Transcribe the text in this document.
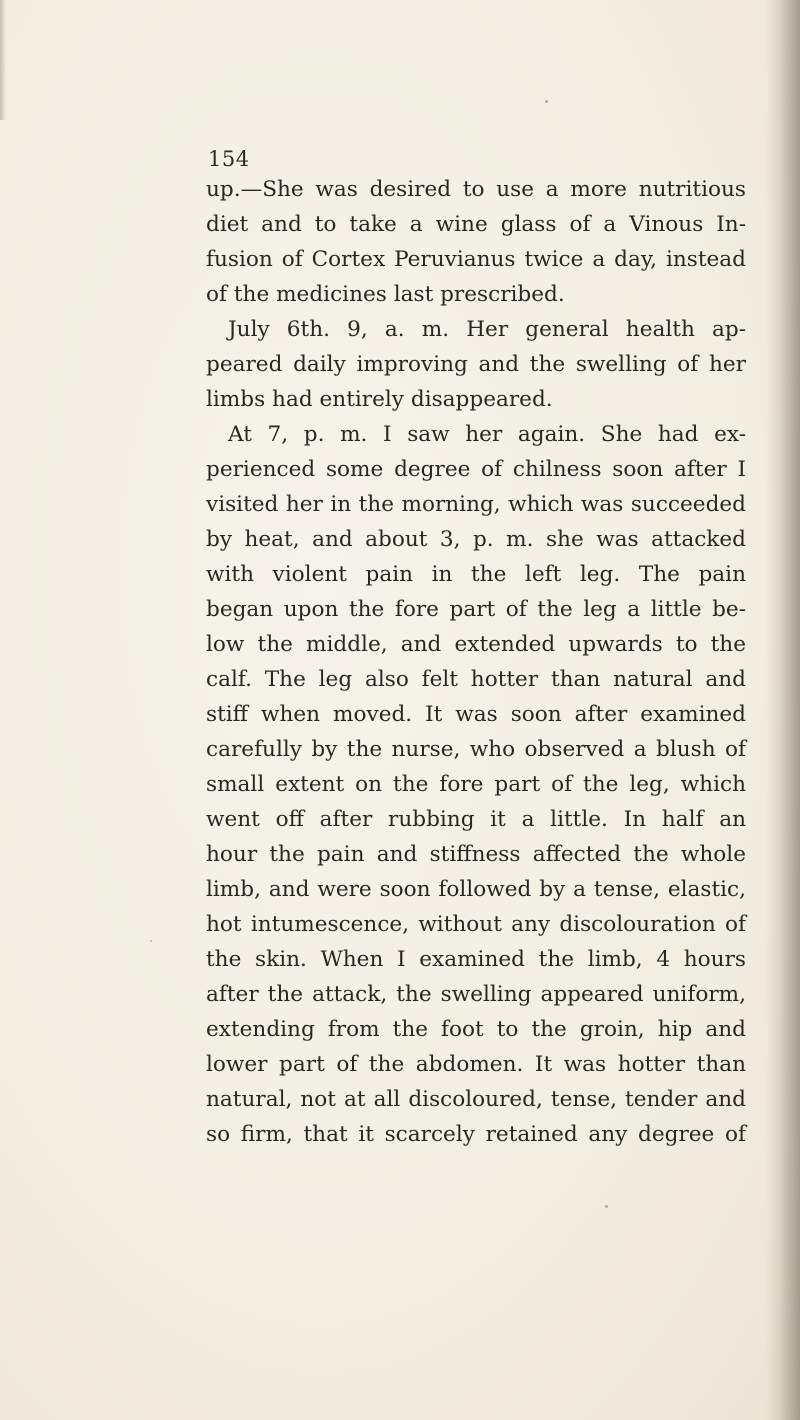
154

up.—She was desired to use a more nutritious
diet and to take a wine glass of a Vinous In-
fusion of Cortex Peruvianus twice a day, instead
of the medicines last prescribed.
July 6th. 9, a. m. Her general health ap-
peared daily improving and the swelling of her
limbs had entirely disappeared.
At 7, p. m. I saw her again. She had ex-
perienced some degree of chilness soon after I
visited her in the morning, which was succeeded
by heat, and about 3, p. m. she was attacked
with violent pain in the left leg. The pain
began upon the fore part of the leg a little be-
low the middle, and extended upwards to the
calf. The leg also felt hotter than natural and
stiff when moved. It was soon after examined
carefully by the nurse, who observed a blush of
small extent on the fore part of the leg, which
went off after rubbing it a little. In half an
hour the pain and stiffness affected the whole
limb, and were soon followed by a tense, elastic,
hot intumescence, without any discolouration of
the skin. When I examined the limb, 4 hours
after the attack, the swelling appeared uniform,
extending from the foot to the groin, hip and
lower part of the abdomen. It was hotter than
natural, not at all discoloured, tense, tender and
so firm, that it scarcely retained any degree of
